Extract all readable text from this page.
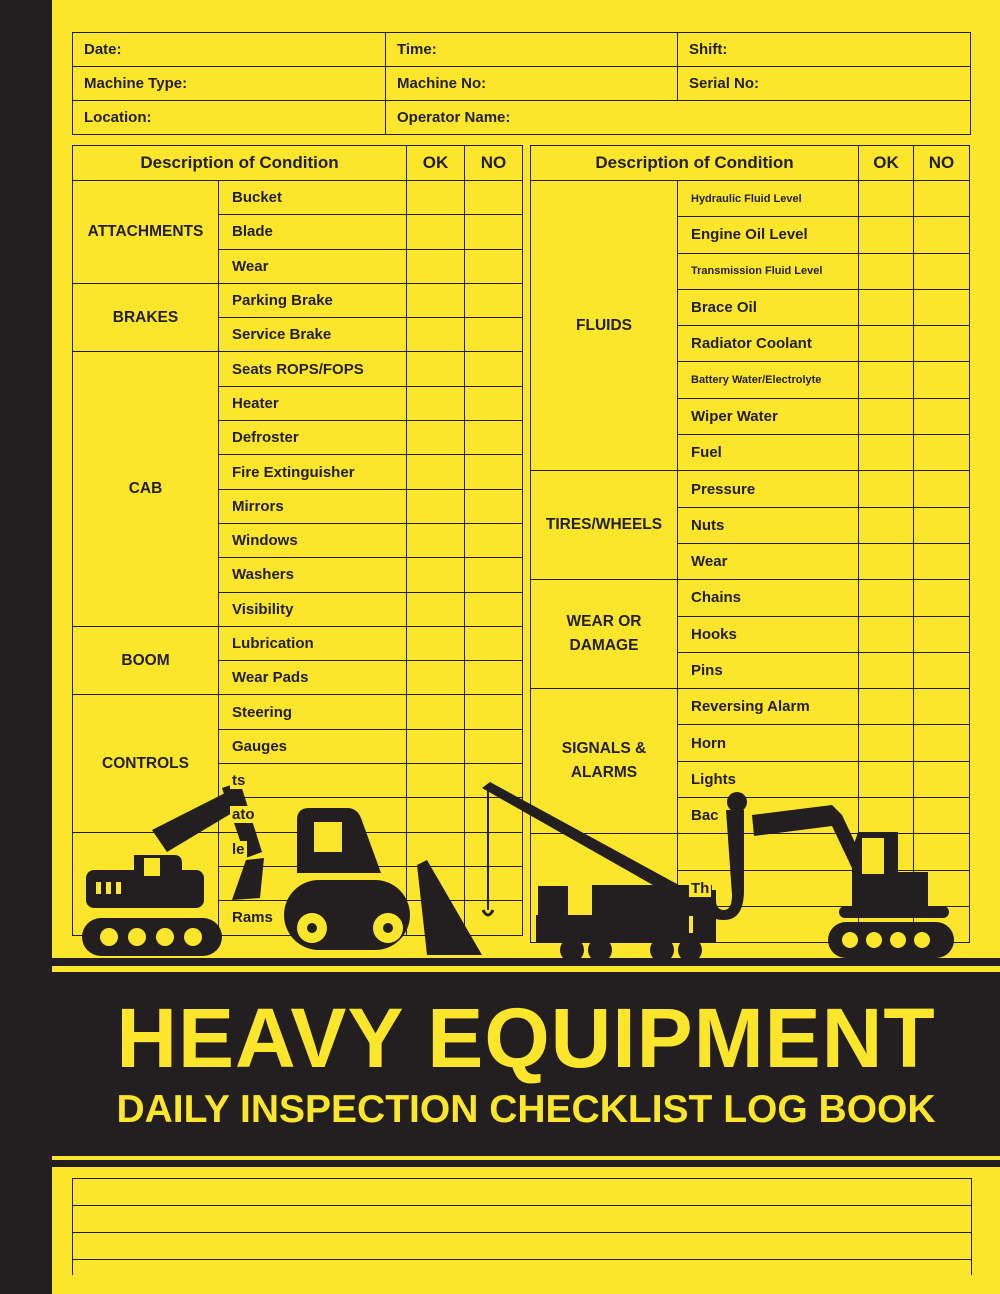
Date:	Time:	Shift:
Machine Type:	Machine No:	Serial No:
Location:	Operator Name:	
Description of Condition		OK	NO
ATTACHMENTS	Bucket		
	Blade		
	Wear		
BRAKES	Parking Brake		
	Service Brake		
CAB	Seats ROPS/FOPS		
	Heater		
	Defroster		
	Fire Extinguisher		
	Mirrors		
	Windows		
	Washers		
	Visibility		
BOOM	Lubrication		
	Wear Pads		
CONTROLS	Steering		
	Gauges		
	ts		
	ato		
	le		

	Rams		
Description of Condition		OK	NO
FLUIDS	Hydraulic Fluid Level		
	Engine Oil Level		
	Transmission Fluid Level		
	Brace Oil		
	Radiator Coolant		
	Battery Water/Electrolyte		
	Wiper Water		
	Fuel		
TIRES/WHEELS	Pressure		
	Nuts		
	Wear		
WEAR OR DAMAGE	Chains		
	Hooks		
	Pins		
SIGNALS & ALARMS	Reversing Alarm		
	Horn		
	Lights		
	Bac		

	Th		

HEAVY EQUIPMENT
DAILY INSPECTION CHECKLIST LOG BOOK
